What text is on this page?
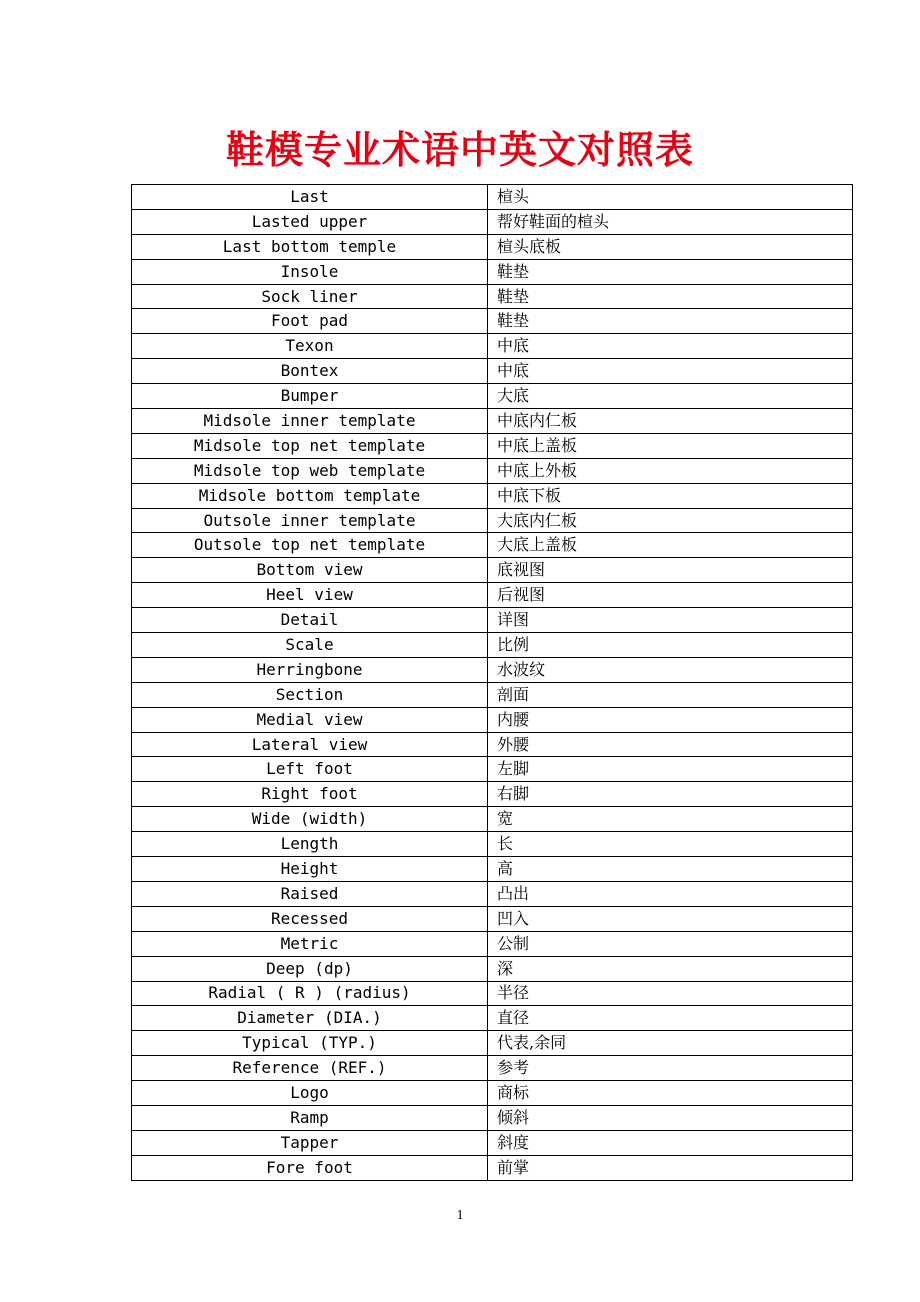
鞋模专业术语中英文对照表
Last	楦头
Lasted upper	帮好鞋面的楦头
Last bottom temple	楦头底板
Insole	鞋垫
Sock liner	鞋垫
Foot pad	鞋垫
Texon	中底
Bontex	中底
Bumper	大底
Midsole inner template	中底内仁板
Midsole top net template	中底上盖板
Midsole top web template	中底上外板
Midsole bottom template	中底下板
Outsole inner template	大底内仁板
Outsole top net template	大底上盖板
Bottom view	底视图
Heel view	后视图
Detail	详图
Scale	比例
Herringbone	水波纹
Section	剖面
Medial view	内腰
Lateral view	外腰
Left foot	左脚
Right foot	右脚
Wide (width)	宽
Length	长
Height	高
Raised	凸出
Recessed	凹入
Metric	公制
Deep (dp)	深
Radial ( R ) (radius)	半径
Diameter (DIA.)	直径
Typical (TYP.)	代表,余同
Reference (REF.)	参考
Logo	商标
Ramp	倾斜
Tapper	斜度
Fore foot	前掌
1
